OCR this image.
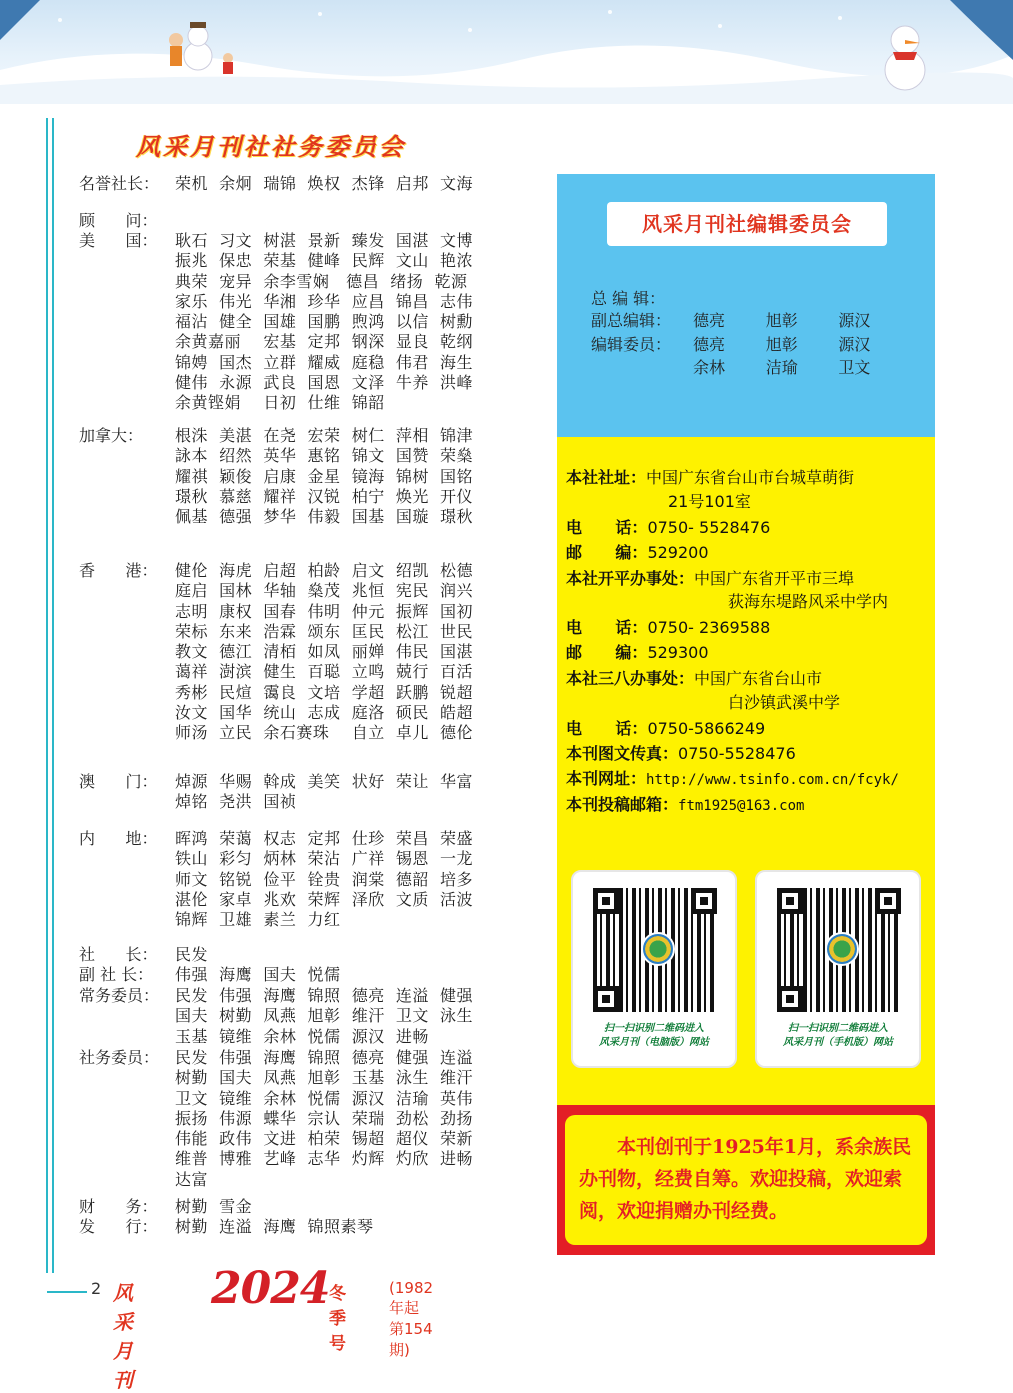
风采月刊社社务委员会
名誉社长： 荣机  余炯  瑞锦  焕权  杰锋  启邦  文海
顾      问：
美      国： 耿石  习文  树湛  景新  臻发  国湛  文博
振兆  保忠  荣基  健峰  民辉  文山  艳浓
典荣  宠异  余李雪娴   德昌  绪扬  乾源
家乐  伟光  华湘  珍华  应昌  锦昌  志伟
福沾  健全  国雄  国鹏  煦鸿  以信  树勳
余黄嘉丽    宏基  定邦  钢深  显良  乾纲
锦娉  国杰  立群  耀威  庭稳  伟君  海生
健伟  永源  武良  国恩  文泽  牛养  洪峰
余黄铿娟    日初  仕维  锦韶
加拿大： 根洙  美湛  在尧  宏荣  树仁  萍相  锦津
詠本  绍然  英华  惠铭  锦文  国赞  荣燊
耀祺  颖俊  启康  金星  镜海  锦树  国铭
璟秋  慕慈  耀祥  汉锐  柏宁  焕光  开仪
佩基  德强  梦华  伟毅  国基  国璇  璟秋
香      港： 健伦  海虎  启超  柏龄  启文  绍凯  松德
庭启  国林  华轴  燊茂  兆恒  宪民  润兴
志明  康权  国春  伟明  仲元  振辉  国初
荣标  东来  浩霖  颂东  匡民  松江  世民
教文  德江  清栢  如凤  丽婵  伟民  国湛
蔼祥  澍滨  健生  百聪  立鸣  兢行  百活
秀彬  民煊  霭良  文培  学超  跃鹏  锐超
汝文  国华  统山  志成  庭洛  硕民  皓超
师汤  立民  余石赛珠    自立  卓儿  德伦
澳      门： 焯源  华赐  斡成  美笑  状好  荣让  华富
焯铭  尧洪  国祯
内      地： 晖鸿  荣蔼  权志  定邦  仕珍  荣昌  荣盛
铁山  彩匀  炳林  荣沾  广祥  锡恩  一龙
师文  铭锐  俭平  铨贵  润棠  德韶  培多
湛伦  家卓  兆欢  荣辉  泽欣  文质  活波
锦辉  卫雄  素兰  力红
社      长： 民发
副 社 长： 伟强  海鹰  国夫  悦儒
常务委员： 民发  伟强  海鹰  锦照  德亮  连溢  健强
国夫  树勤  凤燕  旭彰  维汗  卫文  泳生
玉基  镜维  余林  悦儒  源汉  进畅
社务委员： 民发  伟强  海鹰  锦照  德亮  健强  连溢
树勤  国夫  凤燕  旭彰  玉基  泳生  维汗
卫文  镜维  余林  悦儒  源汉  洁瑜  英伟
振扬  伟源  蝶华  宗认  荣瑞  劲松  劲扬
伟能  政伟  文进  柏荣  锡超  超仪  荣新
维普  博雅  艺峰  志华  灼辉  灼欣  进畅
达富
财      务： 树勤  雪金
发      行： 树勤  连溢  海鹰  锦照素琴
风采月刊社编辑委员会
总 编 辑：
副总编辑： 德亮        旭彰        源汉
编辑委员： 德亮        旭彰        源汉
余林        洁瑜        卫文
本社社址：中国广东省台山市台城草萌街
21号101室
电      话：0750- 5528476
邮      编：529200
本社开平办事处：中国广东省开平市三埠
荻海东堤路风采中学内
电      话：0750- 2369588
邮      编：529300
本社三八办事处：中国广东省台山市
白沙镇武溪中学
电      话：0750-5866249
本刊图文传真：0750-5528476
本刊网址：http://www.tsinfo.com.cn/fcyk/
本刊投稿邮箱：ftm1925@163.com
扫一扫识别二维码进入
风采月刊（电脑版）网站
扫一扫识别二维码进入
风采月刊（手机版）网站
本刊创刊于1925年1月，系余族民办刊物，经费自筹。欢迎投稿，欢迎索阅，欢迎捐赠办刊经费。
2 风采月刊
2024 冬季号
(1982年起第154期)
